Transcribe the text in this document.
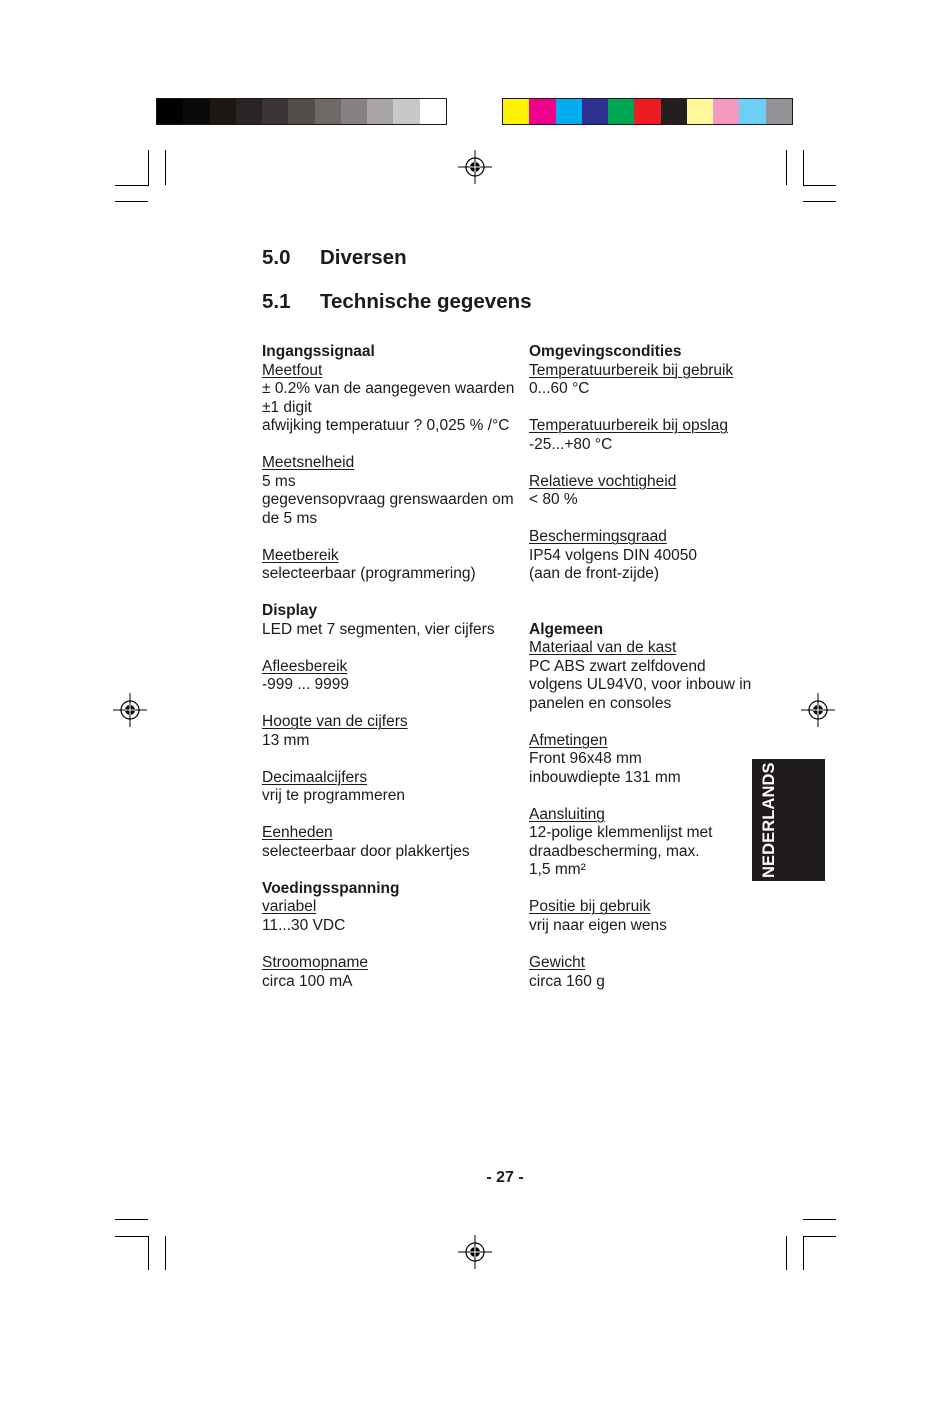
5.0 Diversen
5.1 Technische gegevens
Ingangssignaal
Meetfout
± 0.2% van de aangegeven waarden
±1 digit
afwijking temperatuur ? 0,025 % /°C
Meetsnelheid
5 ms
gegevensopvraag grenswaarden om
de 5 ms
Meetbereik
selecteerbaar (programmering)
Display
LED met 7 segmenten, vier cijfers
Afleesbereik
-999 ... 9999
Hoogte van de cijfers
13 mm
Decimaalcijfers
vrij te programmeren
Eenheden
selecteerbaar door plakkertjes
Voedingsspanning
variabel
11...30 VDC
Stroomopname
circa 100 mA
Omgevingscondities
Temperatuurbereik bij gebruik
0...60 °C
Temperatuurbereik bij opslag
-25...+80 °C
Relatieve vochtigheid
< 80 %
Beschermingsgraad
IP54 volgens DIN 40050
(aan de front-zijde)
Algemeen
Materiaal van de kast
PC ABS zwart zelfdovend
volgens UL94V0, voor inbouw in
panelen en consoles
Afmetingen
Front 96x48 mm
inbouwdiepte 131 mm
Aansluiting
12-polige klemmenlijst met
draadbescherming, max.
1,5 mm²
Positie bij gebruik
vrij naar eigen wens
Gewicht
circa 160 g
NEDERLANDS
- 27 -
